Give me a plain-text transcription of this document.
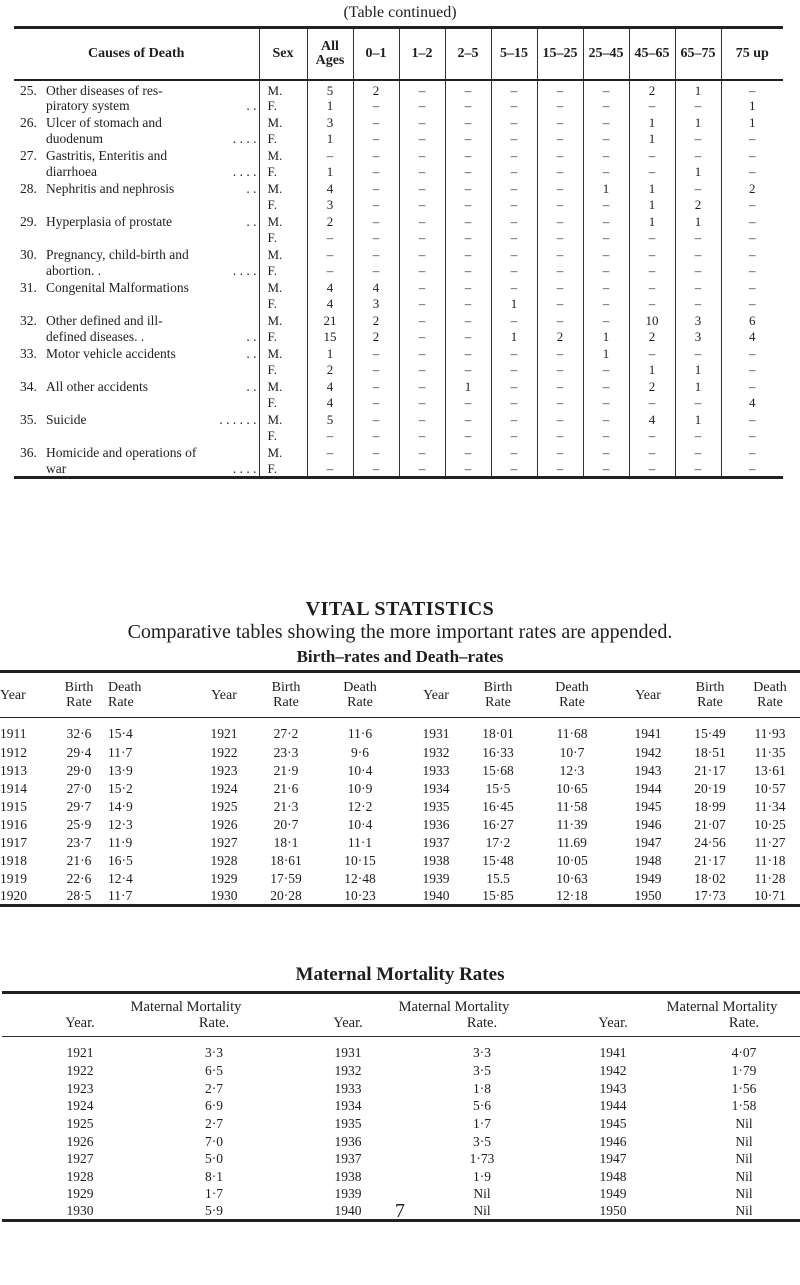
(Table continued)
Causes of Death	Sex	All Ages	0–1	1–2	2–5	5–15	15–25	25–45	45–65	65–75	75 up

25. Other diseases of res-	M.	5	2	–	–	–	–	–	2	1	–

piratory system . .	F.	1	–	–	–	–	–	–	–	–	1

26. Ulcer of stomach and	M.	3	–	–	–	–	–	–	1	1	1

duodenum . . . .	F.	1	–	–	–	–	–	–	1	–	–

27. Gastritis, Enteritis and	M.	–	–	–	–	–	–	–	–	–	–

diarrhoea . . . .	F.	1	–	–	–	–	–	–	–	1	–

28. Nephritis and nephrosis . .	M.	4	–	–	–	–	–	1	1	–	2

	F.	3	–	–	–	–	–	–	1	2	–

29. Hyperplasia of prostate . .	M.	2	–	–	–	–	–	–	1	1	–

	F.	–	–	–	–	–	–	–	–	–	–

30. Pregnancy, child-birth and	M.	–	–	–	–	–	–	–	–	–	–

abortion. . . . . .	F.	–	–	–	–	–	–	–	–	–	–

31. Congenital Malformations	M.	4	4	–	–	–	–	–	–	–	–

	F.	4	3	–	–	1	–	–	–	–	–

32. Other defined and ill-	M.	21	2	–	–	–	–	–	10	3	6

defined diseases. . . .	F.	15	2	–	–	1	2	1	2	3	4

33. Motor vehicle accidents . .	M.	1	–	–	–	–	–	1	–	–	–

	F.	2	–	–	–	–	–	–	1	1	–

34. All other accidents . .	M.	4	–	–	1	–	–	–	2	1	–

	F.	4	–	–	–	–	–	–	–	–	4

35. Suicide . . . . . .	M.	5	–	–	–	–	–	–	4	1	–

	F.	–	–	–	–	–	–	–	–	–	–

36. Homicide and operations of	M.	–	–	–	–	–	–	–	–	–	–

war . . . .	F.	–	–	–	–	–	–	–	–	–	–
VITAL STATISTICS
Comparative tables showing the more important rates are appended.
Birth–rates and Death–rates
Year	Birth
Rate	Death
Rate	Year	Birth
Rate	Death
Rate	Year	Birth
Rate	Death
Rate	Year	Birth
Rate	Death
Rate
1911	32·6	15·4	1921	27·2	11·6	1931	18·01	11·68	1941	15·49	11·93
1912	29·4	11·7	1922	23·3	9·6	1932	16·33	10·7	1942	18·51	11·35
1913	29·0	13·9	1923	21·9	10·4	1933	15·68	12·3	1943	21·17	13·61
1914	27·0	15·2	1924	21·6	10·9	1934	15·5	10·65	1944	20·19	10·57
1915	29·7	14·9	1925	21·3	12·2	1935	16·45	11·58	1945	18·99	11·34
1916	25·9	12·3	1926	20·7	10·4	1936	16·27	11·39	1946	21·07	10·25
1917	23·7	11·9	1927	18·1	11·1	1937	17·2	11.69	1947	24·56	11·27
1918	21·6	16·5	1928	18·61	10·15	1938	15·48	10·05	1948	21·17	11·18
1919	22·6	12·4	1929	17·59	12·48	1939	15.5	10·63	1949	18·02	11·28
1920	28·5	11·7	1930	20·28	10·23	1940	15·85	12·18	1950	17·73	10·71
Maternal Mortality Rates
Maternal Mortality
Year.	Rate.	Maternal Mortality
Year.	Rate.	Maternal Mortality
Year.	Rate.
1921	3·3	1931	3·3	1941	4·07
1922	6·5	1932	3·5	1942	1·79
1923	2·7	1933	1·8	1943	1·56
1924	6·9	1934	5·6	1944	1·58
1925	2·7	1935	1·7	1945	Nil
1926	7·0	1936	3·5	1946	Nil
1927	5·0	1937	1·73	1947	Nil
1928	8·1	1938	1·9	1948	Nil
1929	1·7	1939	Nil	1949	Nil
1930	5·9	1940	Nil	1950	Nil
7
